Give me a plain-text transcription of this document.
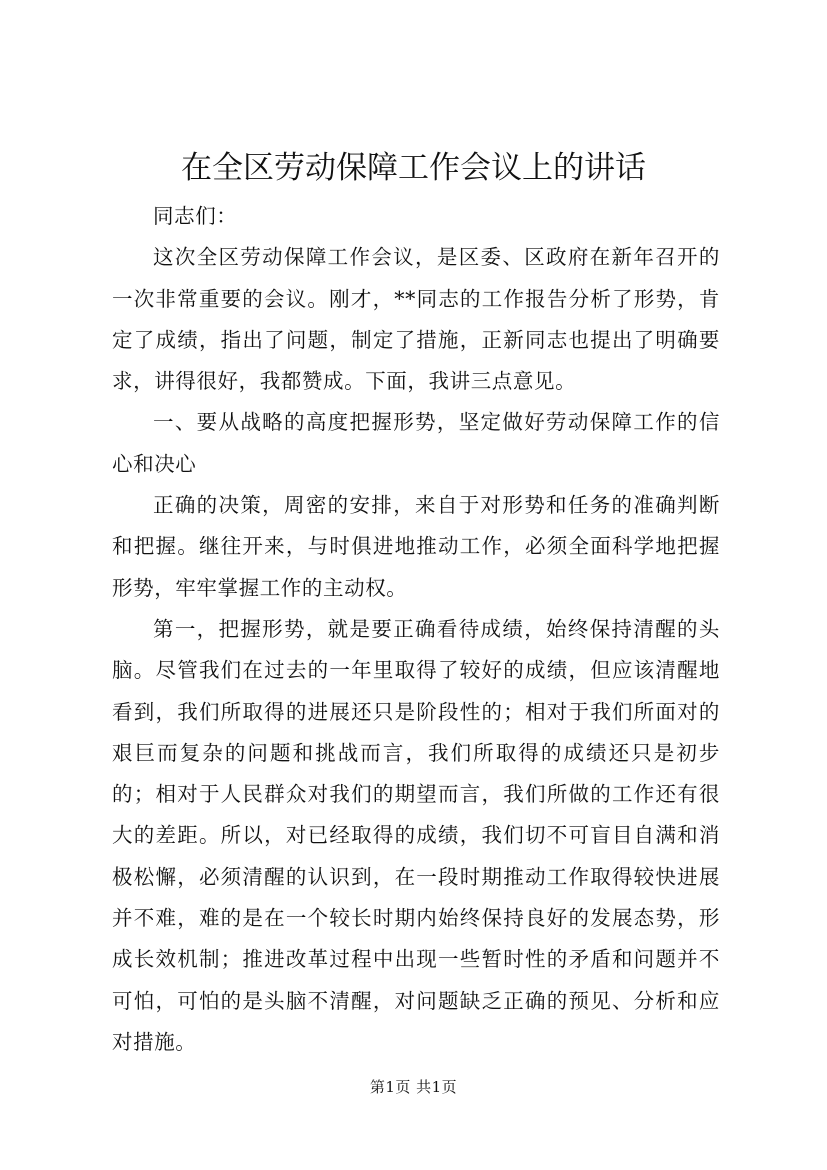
在全区劳动保障工作会议上的讲话

同志们：

这次全区劳动保障工作会议，是区委、区政府在新年召开的一次非常重要的会议。刚才，**同志的工作报告分析了形势，肯定了成绩，指出了问题，制定了措施，正新同志也提出了明确要求，讲得很好，我都赞成。下面，我讲三点意见。

一、要从战略的高度把握形势，坚定做好劳动保障工作的信心和决心

正确的决策，周密的安排，来自于对形势和任务的准确判断和把握。继往开来，与时俱进地推动工作，必须全面科学地把握形势，牢牢掌握工作的主动权。

第一，把握形势，就是要正确看待成绩，始终保持清醒的头脑。尽管我们在过去的一年里取得了较好的成绩，但应该清醒地看到，我们所取得的进展还只是阶段性的；相对于我们所面对的艰巨而复杂的问题和挑战而言，我们所取得的成绩还只是初步的；相对于人民群众对我们的期望而言，我们所做的工作还有很大的差距。所以，对已经取得的成绩，我们切不可盲目自满和消极松懈，必须清醒的认识到，在一段时期推动工作取得较快进展并不难，难的是在一个较长时期内始终保持良好的发展态势，形成长效机制；推进改革过程中出现一些暂时性的矛盾和问题并不可怕，可怕的是头脑不清醒，对问题缺乏正确的预见、分析和应对措施。

第1页 共1页
